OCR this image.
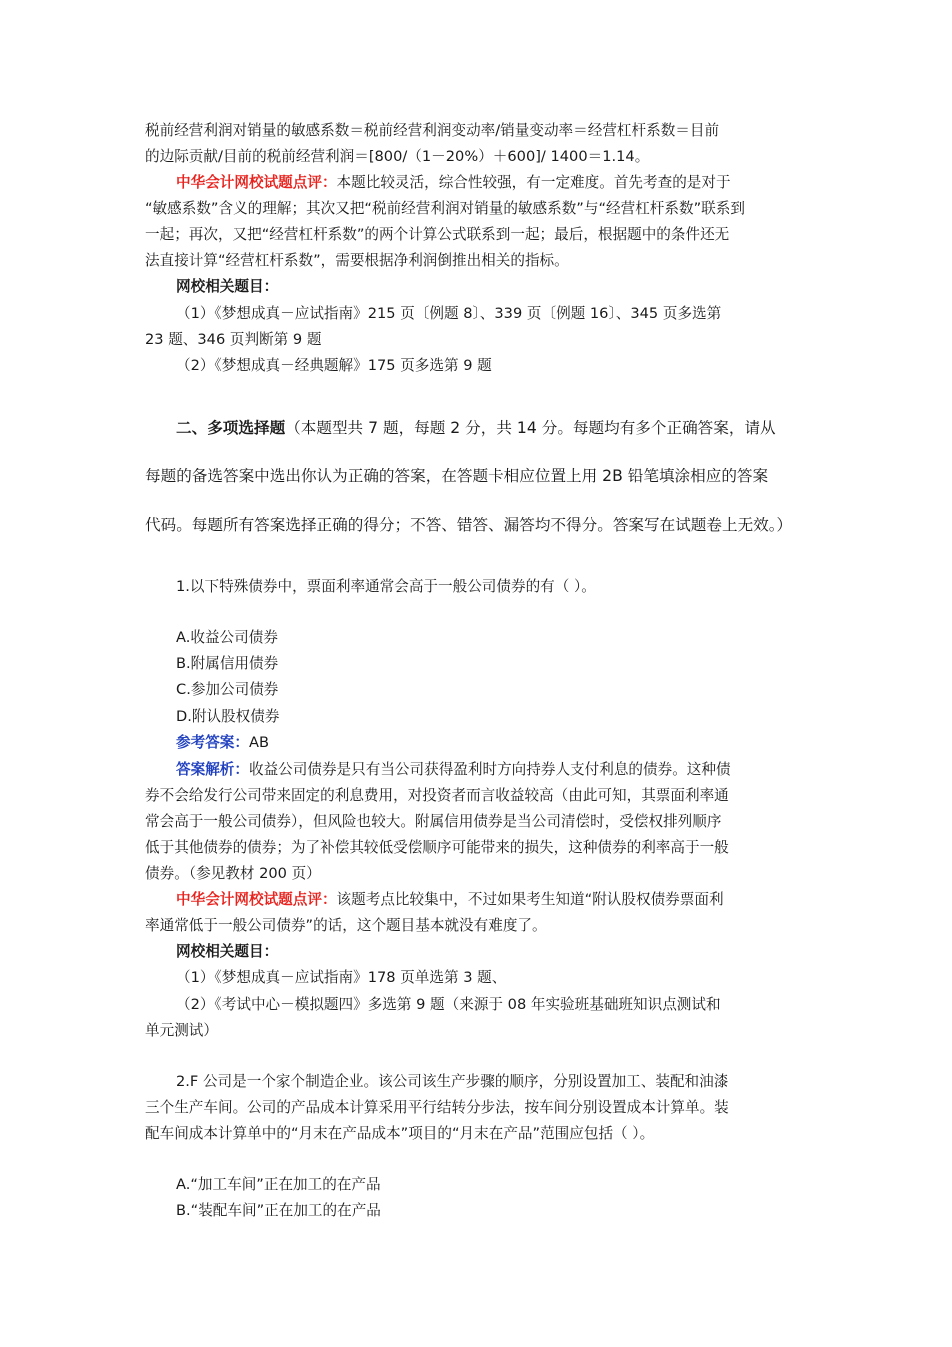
税前经营利润对销量的敏感系数＝税前经营利润变动率/销量变动率＝经营杠杆系数＝目前
的边际贡献/目前的税前经营利润＝[800/（1－20%）＋600]/ 1400＝1.14。
中华会计网校试题点评：本题比较灵活，综合性较强，有一定难度。首先考查的是对于
“敏感系数”含义的理解；其次又把“税前经营利润对销量的敏感系数”与“经营杠杆系数”联系到
一起；再次，又把“经营杠杆系数”的两个计算公式联系到一起；最后，根据题中的条件还无
法直接计算“经营杠杆系数”，需要根据净利润倒推出相关的指标。
网校相关题目：
（1）《梦想成真－应试指南》215 页〔例题 8〕、339 页〔例题 16〕、345 页多选第
23 题、346 页判断第 9 题
（2）《梦想成真－经典题解》175 页多选第 9 题
二、多项选择题（本题型共 7 题，每题 2 分，共 14 分。每题均有多个正确答案，请从
每题的备选答案中选出你认为正确的答案，在答题卡相应位置上用 2B 铅笔填涂相应的答案
代码。每题所有答案选择正确的得分；不答、错答、漏答均不得分。答案写在试题卷上无效。）
1.以下特殊债券中，票面利率通常会高于一般公司债券的有（ ）。
A.收益公司债券
B.附属信用债券
C.参加公司债券
D.附认股权债券
参考答案：AB
答案解析：收益公司债券是只有当公司获得盈利时方向持券人支付利息的债券。这种债
券不会给发行公司带来固定的利息费用，对投资者而言收益较高（由此可知，其票面利率通
常会高于一般公司债券），但风险也较大。附属信用债券是当公司清偿时，受偿权排列顺序
低于其他债券的债券；为了补偿其较低受偿顺序可能带来的损失，这种债券的利率高于一般
债券。（参见教材 200 页）
中华会计网校试题点评：该题考点比较集中，不过如果考生知道“附认股权债券票面利
率通常低于一般公司债券”的话，这个题目基本就没有难度了。
网校相关题目：
（1）《梦想成真－应试指南》178 页单选第 3 题、
（2）《考试中心－模拟题四》多选第 9 题（来源于 08 年实验班基础班知识点测试和
单元测试）
2.F 公司是一个家个制造企业。该公司该生产步骤的顺序，分别设置加工、装配和油漆
三个生产车间。公司的产品成本计算采用平行结转分步法，按车间分别设置成本计算单。装
配车间成本计算单中的“月末在产品成本”项目的“月末在产品”范围应包括（ ）。
A.“加工车间”正在加工的在产品
B.“装配车间”正在加工的在产品
